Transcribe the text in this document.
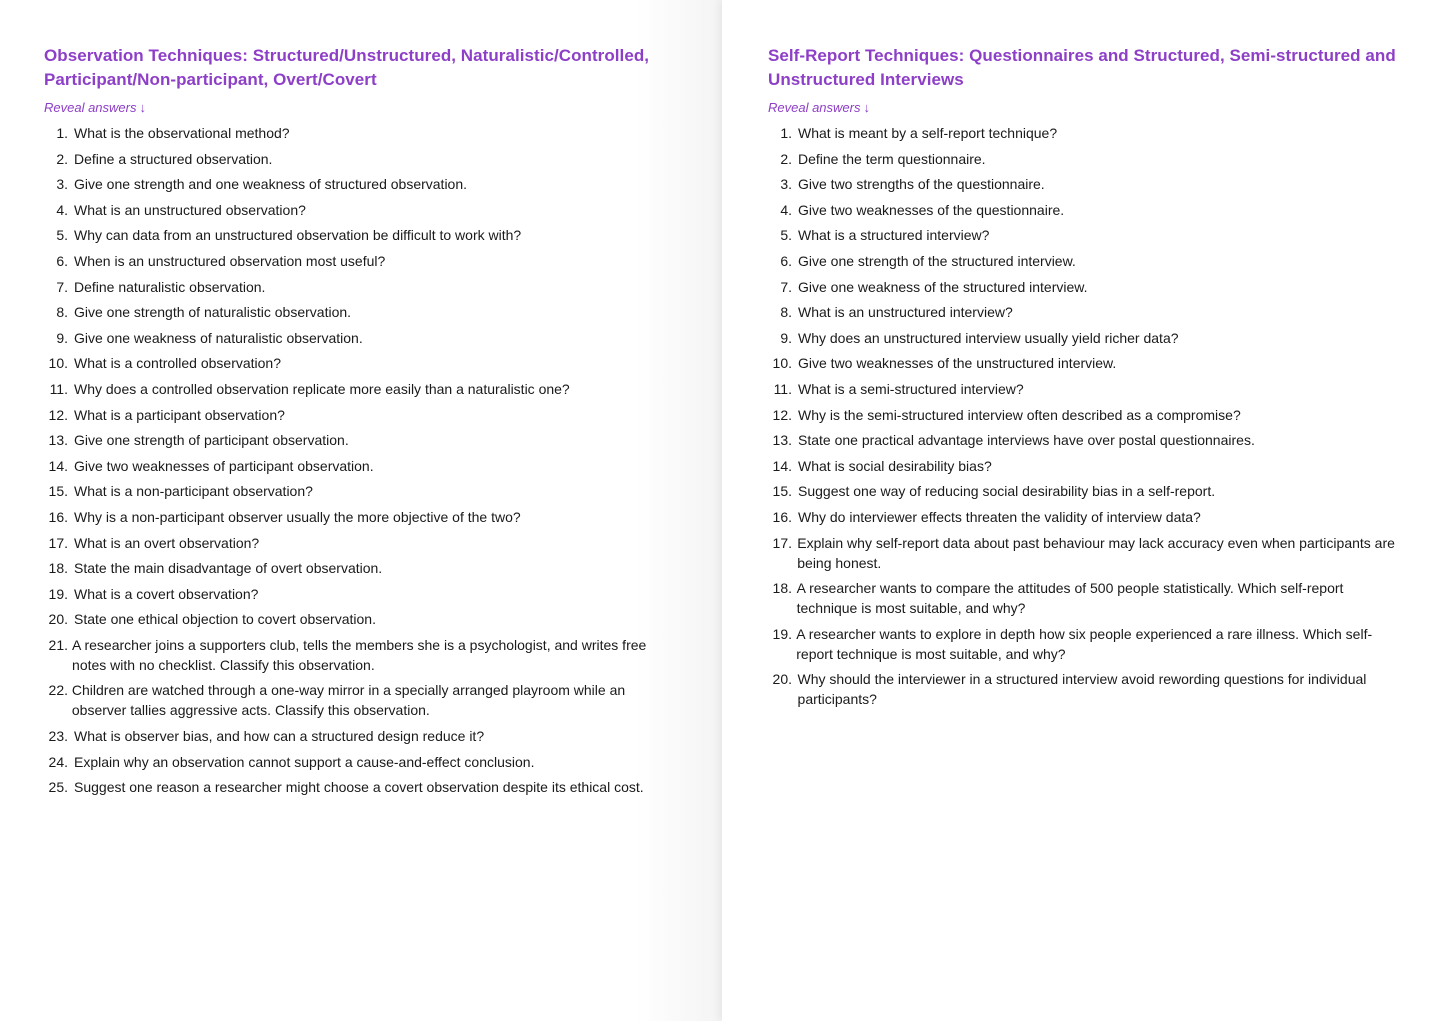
Observation Techniques: Structured/Unstructured, Naturalistic/Controlled, Participant/Non-participant, Overt/Covert
Reveal answers ↓
1. What is the observational method?
2. Define a structured observation.
3. Give one strength and one weakness of structured observation.
4. What is an unstructured observation?
5. Why can data from an unstructured observation be difficult to work with?
6. When is an unstructured observation most useful?
7. Define naturalistic observation.
8. Give one strength of naturalistic observation.
9. Give one weakness of naturalistic observation.
10. What is a controlled observation?
11. Why does a controlled observation replicate more easily than a naturalistic one?
12. What is a participant observation?
13. Give one strength of participant observation.
14. Give two weaknesses of participant observation.
15. What is a non-participant observation?
16. Why is a non-participant observer usually the more objective of the two?
17. What is an overt observation?
18. State the main disadvantage of overt observation.
19. What is a covert observation?
20. State one ethical objection to covert observation.
21. A researcher joins a supporters club, tells the members she is a psychologist, and writes free notes with no checklist. Classify this observation.
22. Children are watched through a one-way mirror in a specially arranged playroom while an observer tallies aggressive acts. Classify this observation.
23. What is observer bias, and how can a structured design reduce it?
24. Explain why an observation cannot support a cause-and-effect conclusion.
25. Suggest one reason a researcher might choose a covert observation despite its ethical cost.
Self-Report Techniques: Questionnaires and Structured, Semi-structured and Unstructured Interviews
Reveal answers ↓
1. What is meant by a self-report technique?
2. Define the term questionnaire.
3. Give two strengths of the questionnaire.
4. Give two weaknesses of the questionnaire.
5. What is a structured interview?
6. Give one strength of the structured interview.
7. Give one weakness of the structured interview.
8. What is an unstructured interview?
9. Why does an unstructured interview usually yield richer data?
10. Give two weaknesses of the unstructured interview.
11. What is a semi-structured interview?
12. Why is the semi-structured interview often described as a compromise?
13. State one practical advantage interviews have over postal questionnaires.
14. What is social desirability bias?
15. Suggest one way of reducing social desirability bias in a self-report.
16. Why do interviewer effects threaten the validity of interview data?
17. Explain why self-report data about past behaviour may lack accuracy even when participants are being honest.
18. A researcher wants to compare the attitudes of 500 people statistically. Which self-report technique is most suitable, and why?
19. A researcher wants to explore in depth how six people experienced a rare illness. Which self-report technique is most suitable, and why?
20. Why should the interviewer in a structured interview avoid rewording questions for individual participants?
